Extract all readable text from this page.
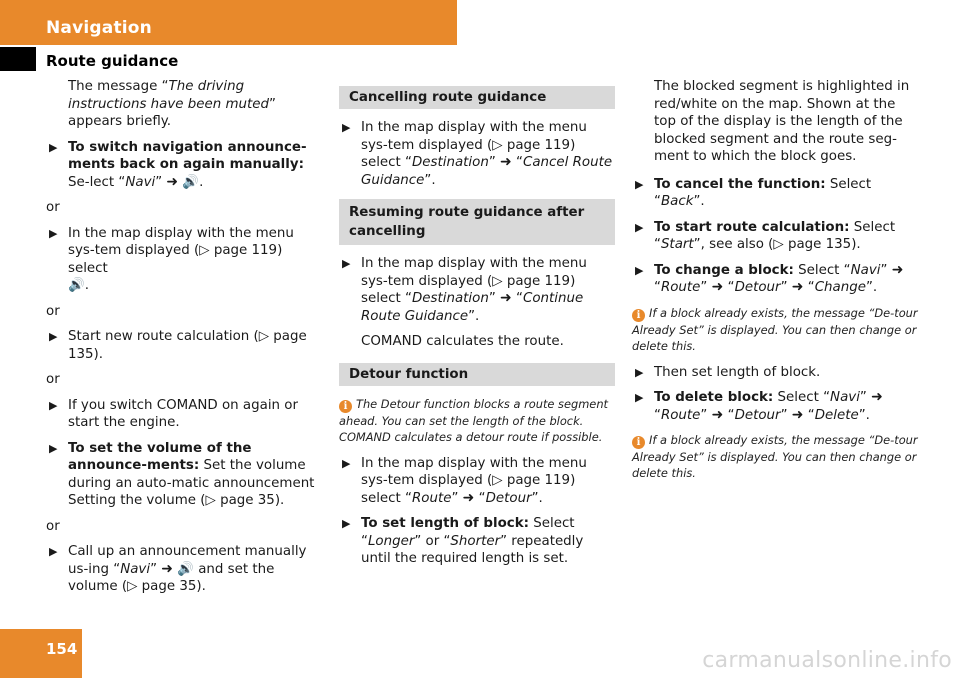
Navigation
Route guidance

The message “The driving instructions have been muted” appears briefly.

▶ To switch navigation announce-ments back on again manually: Se-lect “Navi” ➜ 🔊.

or

▶ In the map display with the menu sys-tem displayed (▷ page 119) select
🔊.

or

▶ Start new route calculation (▷ page 135).

or

▶ If you switch COMAND on again or start the engine.
▶ To set the volume of the announce-ments: Set the volume during an auto-matic announcement Setting the volume (▷ page 35).

or

▶ Call up an announcement manually us-ing “Navi” ➜ 🔊 and set the volume (▷ page 35).
Cancelling route guidance
▶ In the map display with the menu sys-tem displayed (▷ page 119) select “Destination” ➜ “Cancel Route Guidance”.
Resuming route guidance after cancelling
▶ In the map display with the menu sys-tem displayed (▷ page 119) select “Destination” ➜ “Continue Route Guidance”.

COMAND calculates the route.

Detour function

i The Detour function blocks a route segment ahead. You can set the length of the block. COMAND calculates a detour route if possible.

▶ In the map display with the menu sys-tem displayed (▷ page 119) select “Route” ➜ “Detour”.
▶ To set length of block: Select “Longer” or “Shorter” repeatedly until the required length is set.

The blocked segment is highlighted in red/white on the map. Shown at the top of the display is the length of the blocked segment and the route seg-ment to which the block goes.

▶ To cancel the function: Select “Back”.
▶ To start route calculation: Select “Start”, see also (▷ page 135).
▶ To change a block: Select “Navi” ➜ “Route” ➜ “Detour” ➜ “Change”.

i If a block already exists, the message “De-tour Already Set” is displayed. You can then change or delete this.

▶ Then set length of block.
▶ To delete block: Select “Navi” ➜ “Route” ➜ “Detour” ➜ “Delete”.

i If a block already exists, the message “De-tour Already Set” is displayed. You can then change or delete this.

154	carmanualsonline.info
